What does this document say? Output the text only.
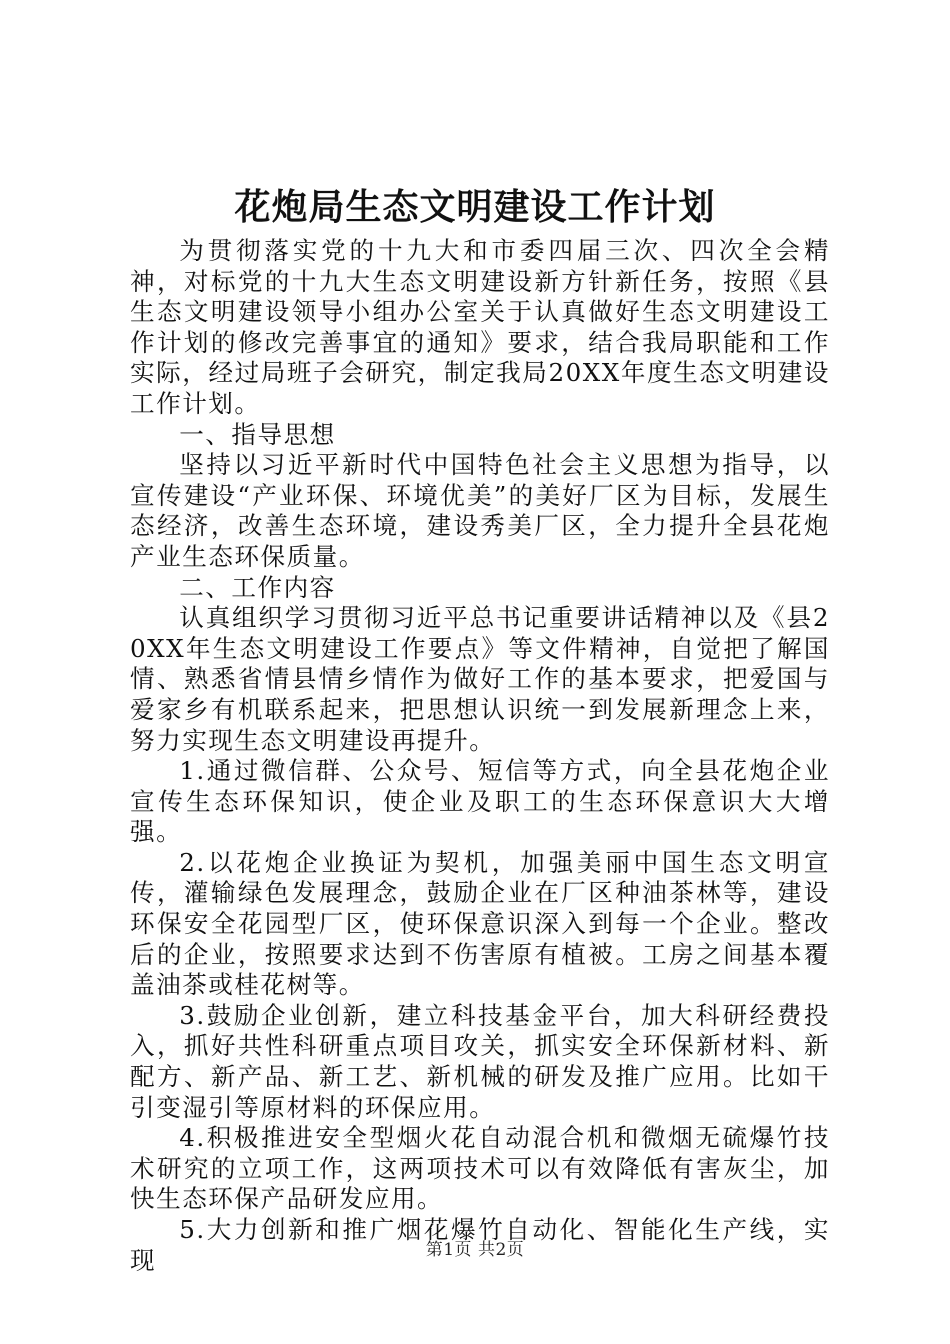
花炮局生态文明建设工作计划

为贯彻落实党的十九大和市委四届三次、四次全会精神，对标党的十九大生态文明建设新方针新任务，按照《县生态文明建设领导小组办公室关于认真做好生态文明建设工作计划的修改完善事宜的通知》要求，结合我局职能和工作实际，经过局班子会研究，制定我局20XX年度生态文明建设工作计划。

一、指导思想

坚持以习近平新时代中国特色社会主义思想为指导，以宣传建设“产业环保、环境优美”的美好厂区为目标，发展生态经济，改善生态环境，建设秀美厂区，全力提升全县花炮产业生态环保质量。

二、工作内容

认真组织学习贯彻习近平总书记重要讲话精神以及《县20XX年生态文明建设工作要点》等文件精神，自觉把了解国情、熟悉省情县情乡情作为做好工作的基本要求，把爱国与爱家乡有机联系起来，把思想认识统一到发展新理念上来，努力实现生态文明建设再提升。

1.通过微信群、公众号、短信等方式，向全县花炮企业宣传生态环保知识，使企业及职工的生态环保意识大大增强。

2.以花炮企业换证为契机，加强美丽中国生态文明宣传，灌输绿色发展理念，鼓励企业在厂区种油茶林等，建设环保安全花园型厂区，使环保意识深入到每一个企业。整改后的企业，按照要求达到不伤害原有植被。工房之间基本覆盖油茶或桂花树等。

3.鼓励企业创新，建立科技基金平台，加大科研经费投入，抓好共性科研重点项目攻关，抓实安全环保新材料、新配方、新产品、新工艺、新机械的研发及推广应用。比如干引变湿引等原材料的环保应用。

4.积极推进安全型烟火花自动混合机和微烟无硫爆竹技术研究的立项工作，这两项技术可以有效降低有害灰尘，加快生态环保产品研发应用。

5.大力创新和推广烟花爆竹自动化、智能化生产线，实现	第1页 共2页
